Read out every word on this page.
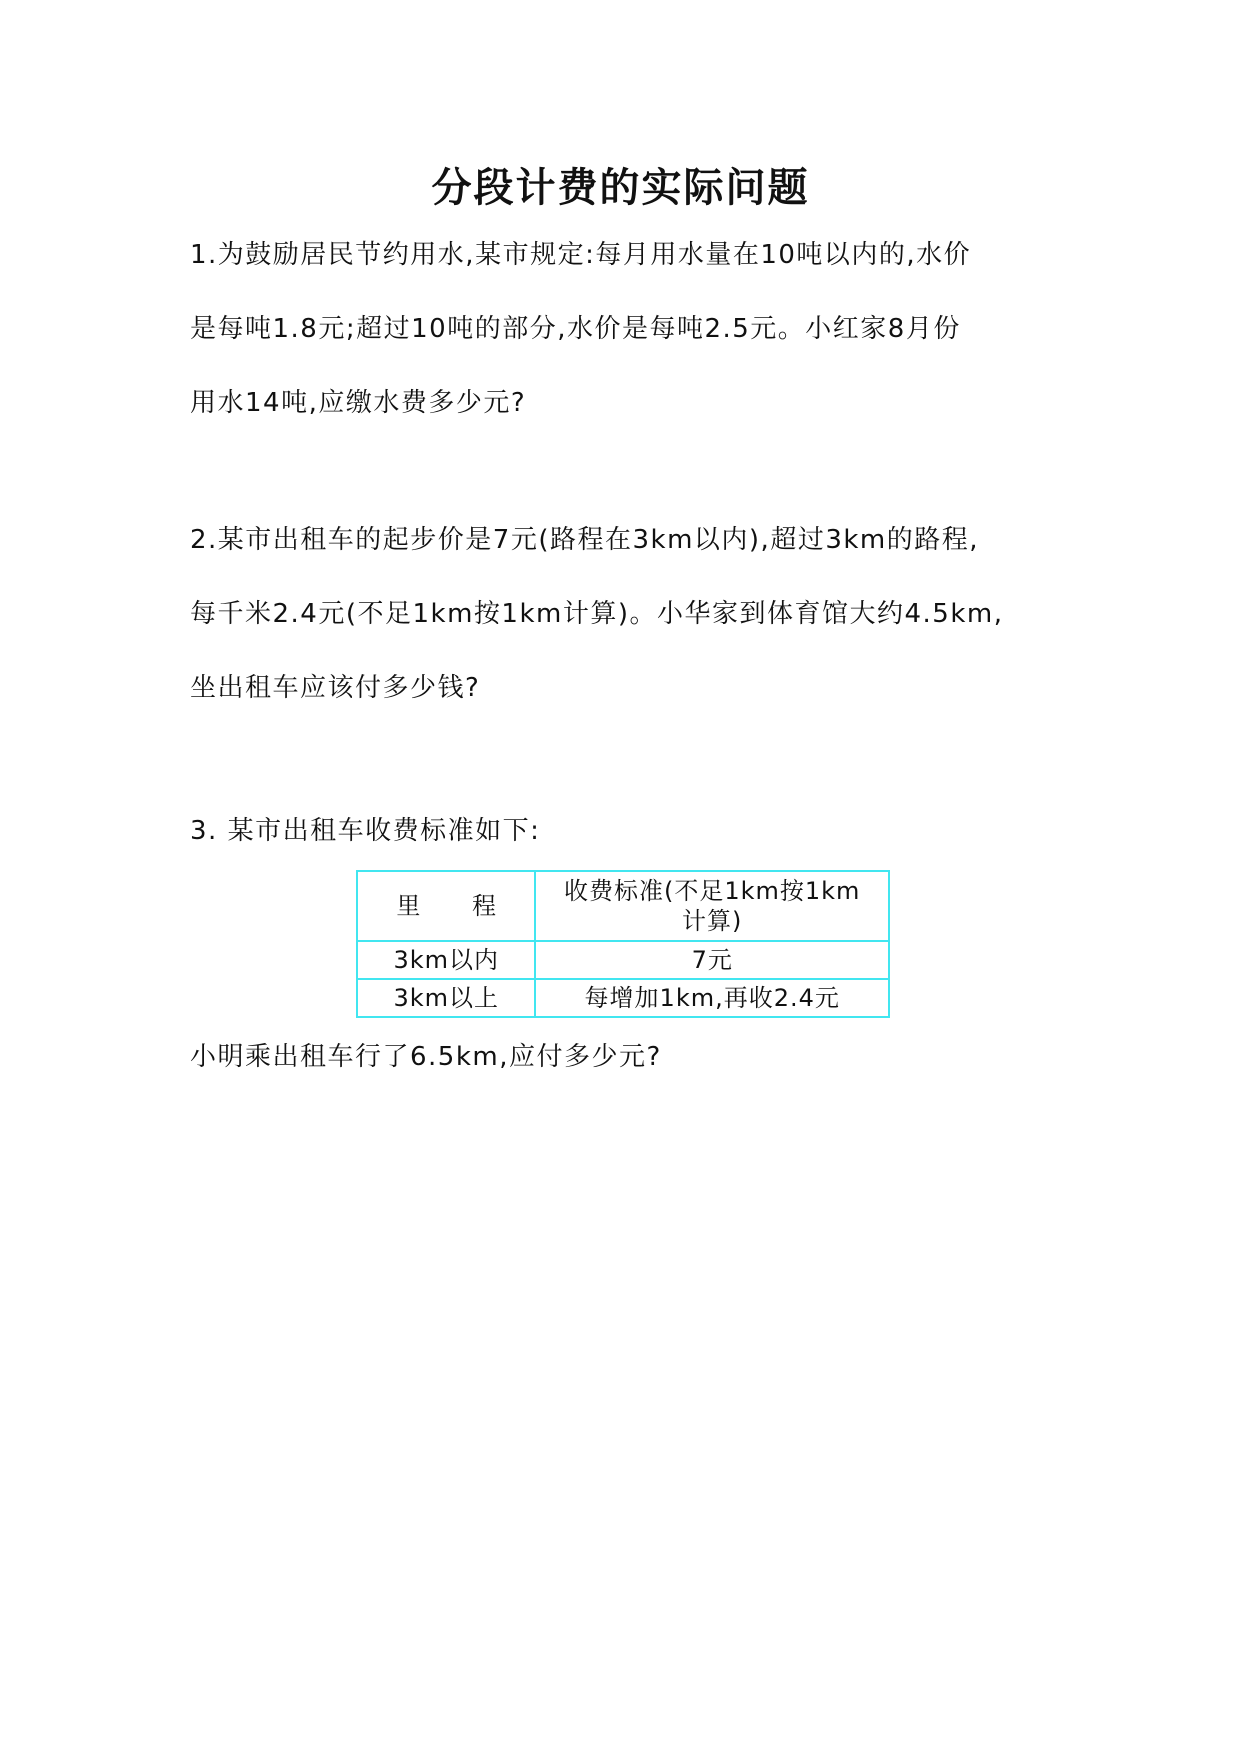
分段计费的实际问题
1.为鼓励居民节约用水,某市规定:每月用水量在10吨以内的,水价
是每吨1.8元;超过10吨的部分,水价是每吨2.5元。小红家8月份
用水14吨,应缴水费多少元?
2.某市出租车的起步价是7元(路程在3km以内),超过3km的路程,
每千米2.4元(不足1km按1km计算)。小华家到体育馆大约4.5km,
坐出租车应该付多少钱?
3. 某市出租车收费标准如下:
里 程	收费标准(不足1km按1km
计算)

3km以内	7元
3km以上	每增加1km,再收2.4元
小明乘出租车行了6.5km,应付多少元?
